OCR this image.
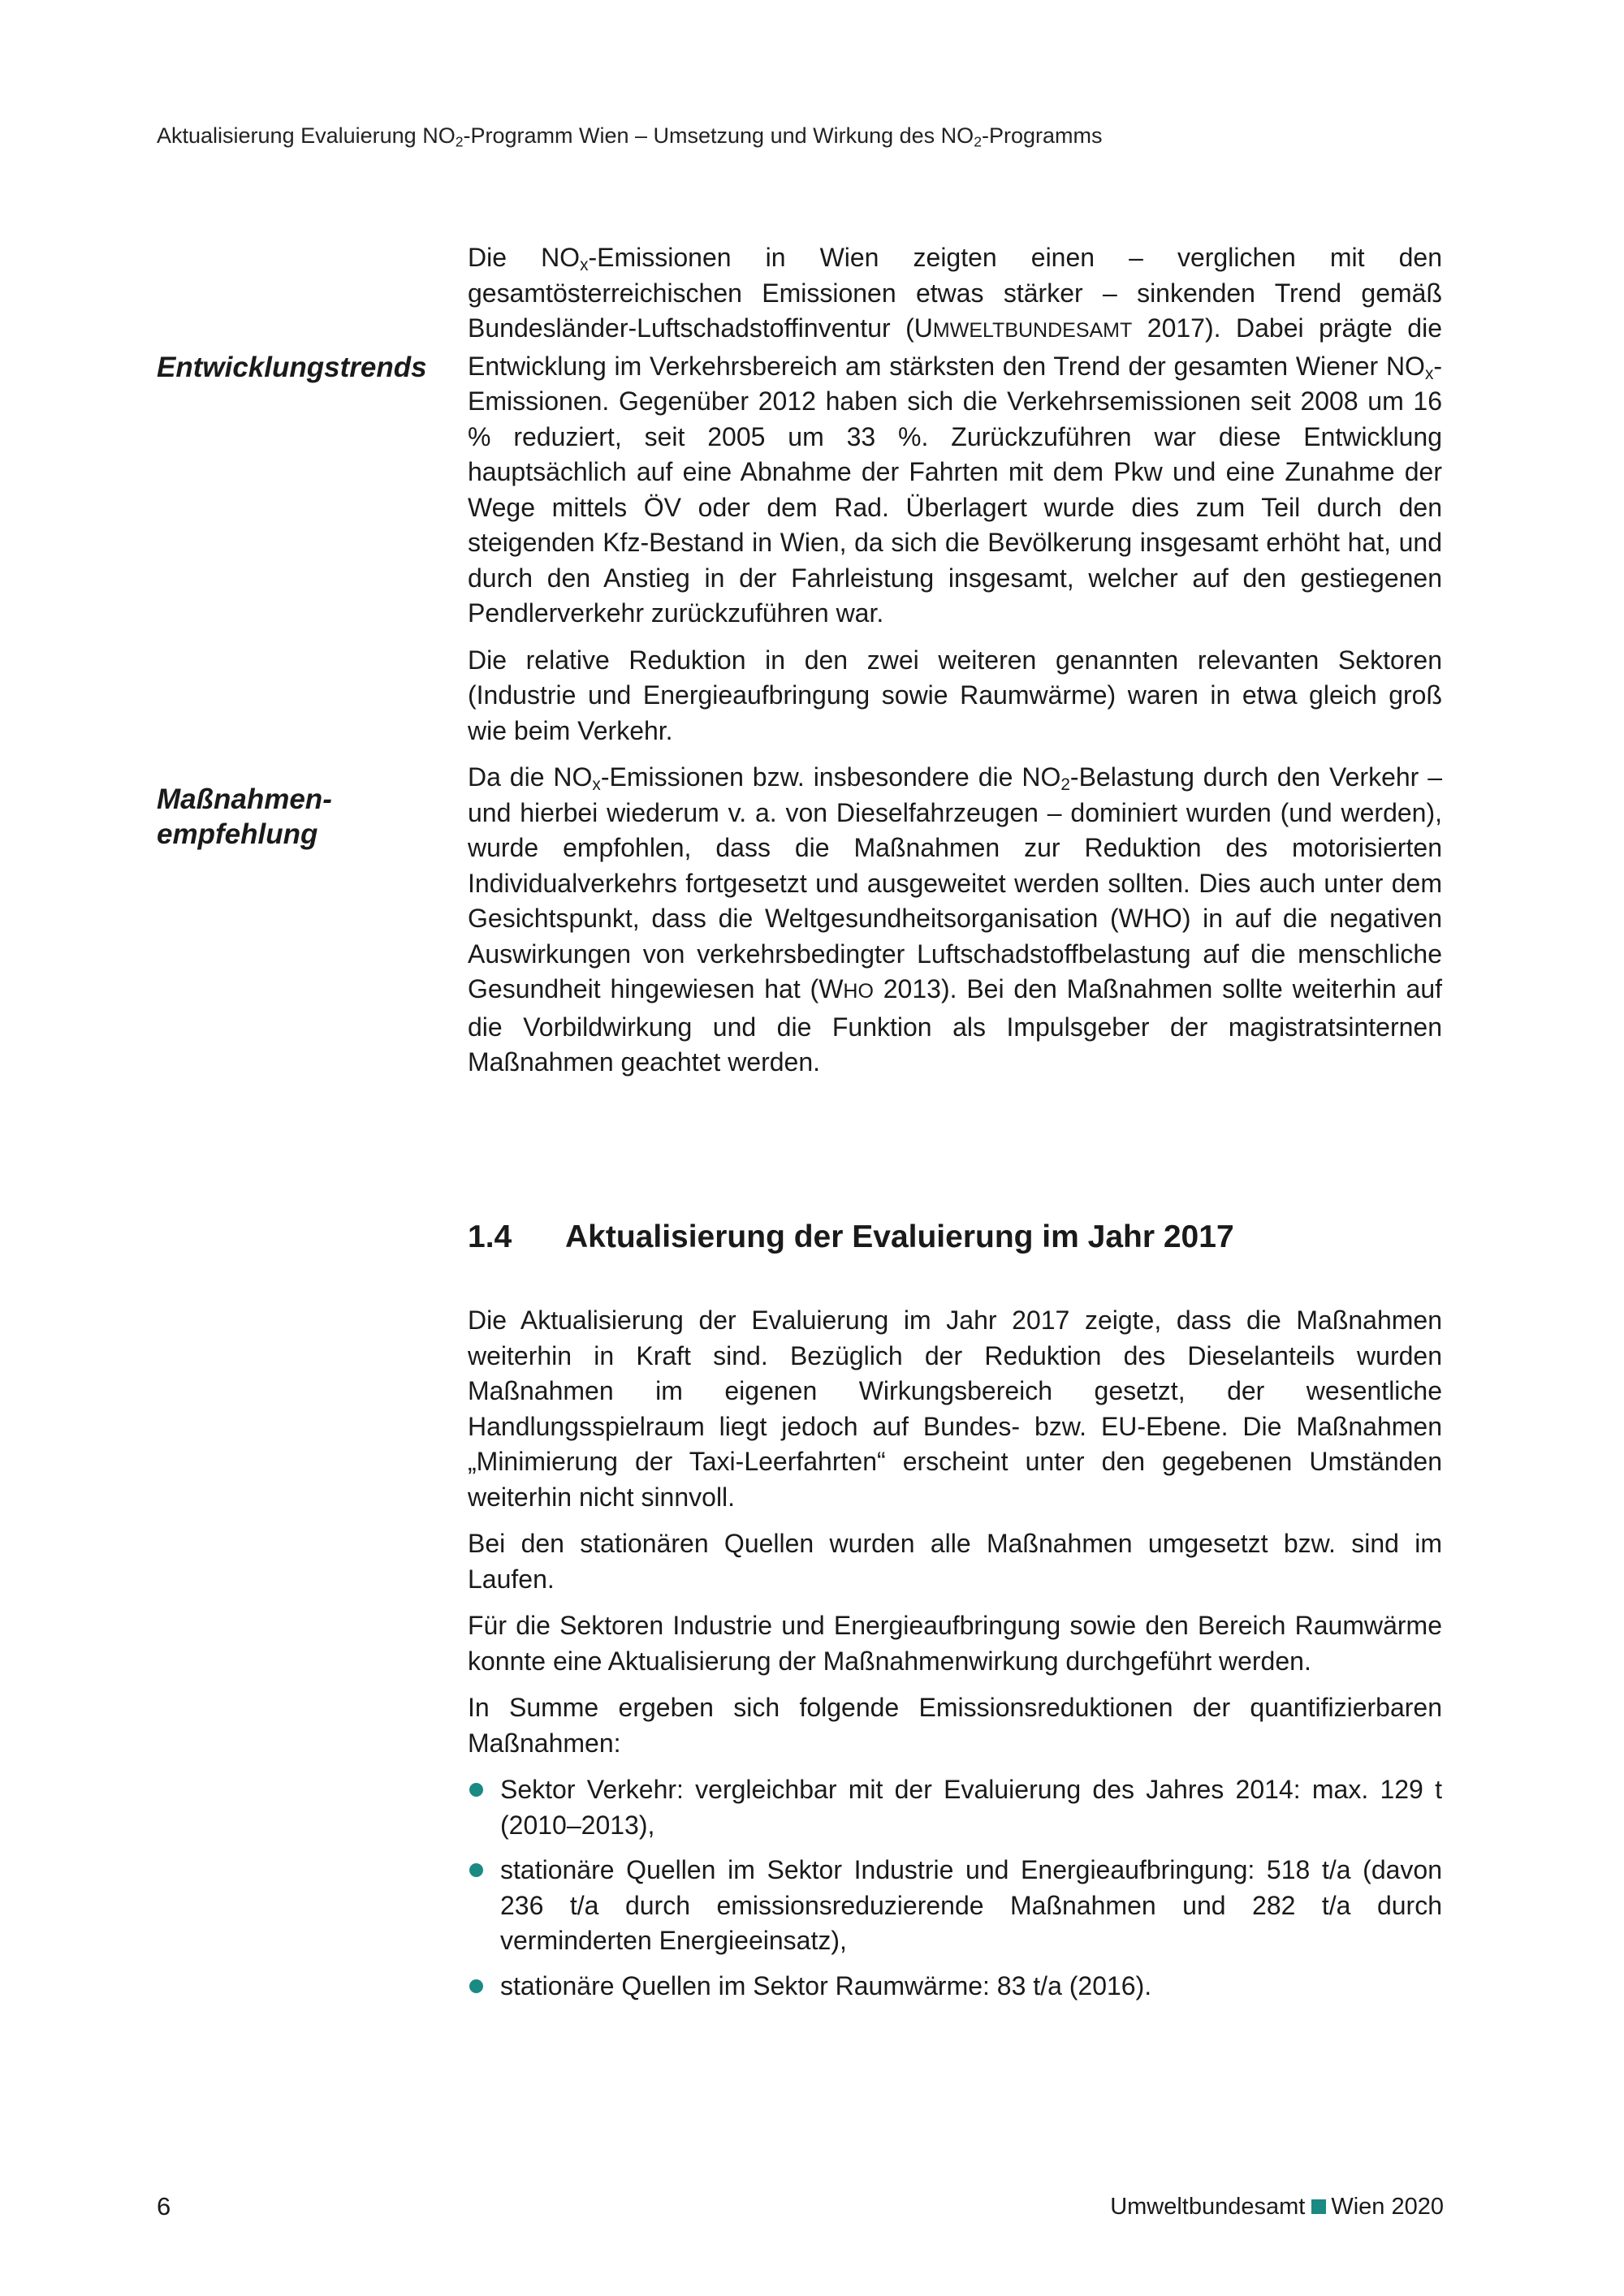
Aktualisierung Evaluierung $NO_2$-Programm Wien – Umsetzung und Wirkung des $NO_2$-Programms
Entwicklungstrends
Maßnahmen-
empfehlung

Die $NO_x$-Emissionen in Wien zeigten einen – verglichen mit den gesamtösterreichischen Emissionen etwas stärker – sinkenden Trend gemäß Bundesländer-Luftschadstoffinventur (UMWELTBUNDESAMT 2017). Dabei prägte die Entwicklung im Verkehrsbereich am stärksten den Trend der gesamten Wiener $NO_x$-Emissionen. Gegenüber 2012 haben sich die Verkehrsemissionen seit 2008 um 16 % reduziert, seit 2005 um 33 %. Zurückzuführen war diese Entwicklung hauptsächlich auf eine Abnahme der Fahrten mit dem Pkw und eine Zunahme der Wege mittels ÖV oder dem Rad. Überlagert wurde dies zum Teil durch den steigenden Kfz-Bestand in Wien, da sich die Bevölkerung insgesamt erhöht hat, und durch den Anstieg in der Fahrleistung insgesamt, welcher auf den gestiegenen Pendlerverkehr zurückzuführen war.

Die relative Reduktion in den zwei weiteren genannten relevanten Sektoren (Industrie und Energieaufbringung sowie Raumwärme) waren in etwa gleich groß wie beim Verkehr.

Da die $NO_x$-Emissionen bzw. insbesondere die $NO_2$-Belastung durch den Verkehr – und hierbei wiederum v. a. von Dieselfahrzeugen – dominiert wurden (und werden), wurde empfohlen, dass die Maßnahmen zur Reduktion des motorisierten Individualverkehrs fortgesetzt und ausgeweitet werden sollten. Dies auch unter dem Gesichtspunkt, dass die Weltgesundheitsorganisation (WHO) in auf die negativen Auswirkungen von verkehrsbedingter Luftschadstoffbelastung auf die menschliche Gesundheit hingewiesen hat (WHO 2013). Bei den Maßnahmen sollte weiterhin auf die Vorbildwirkung und die Funktion als Impulsgeber der magistratsinternen Maßnahmen geachtet werden.

1.4 Aktualisierung der Evaluierung im Jahr 2017

Die Aktualisierung der Evaluierung im Jahr 2017 zeigte, dass die Maßnahmen weiterhin in Kraft sind. Bezüglich der Reduktion des Dieselanteils wurden Maßnahmen im eigenen Wirkungsbereich gesetzt, der wesentliche Handlungsspielraum liegt jedoch auf Bundes- bzw. EU-Ebene. Die Maßnahmen „Minimierung der Taxi-Leerfahrten“ erscheint unter den gegebenen Umständen weiterhin nicht sinnvoll.

Bei den stationären Quellen wurden alle Maßnahmen umgesetzt bzw. sind im Laufen.

Für die Sektoren Industrie und Energieaufbringung sowie den Bereich Raumwärme konnte eine Aktualisierung der Maßnahmenwirkung durchgeführt werden.

In Summe ergeben sich folgende Emissionsreduktionen der quantifizierbaren Maßnahmen:

Sektor Verkehr: vergleichbar mit der Evaluierung des Jahres 2014: max. 129 t (2010–2013),
stationäre Quellen im Sektor Industrie und Energieaufbringung: 518 t/a (davon 236 t/a durch emissionsreduzierende Maßnahmen und 282 t/a durch verminderten Energieeinsatz),
stationäre Quellen im Sektor Raumwärme: 83 t/a (2016).
6	Umweltbundesamt Wien 2020
